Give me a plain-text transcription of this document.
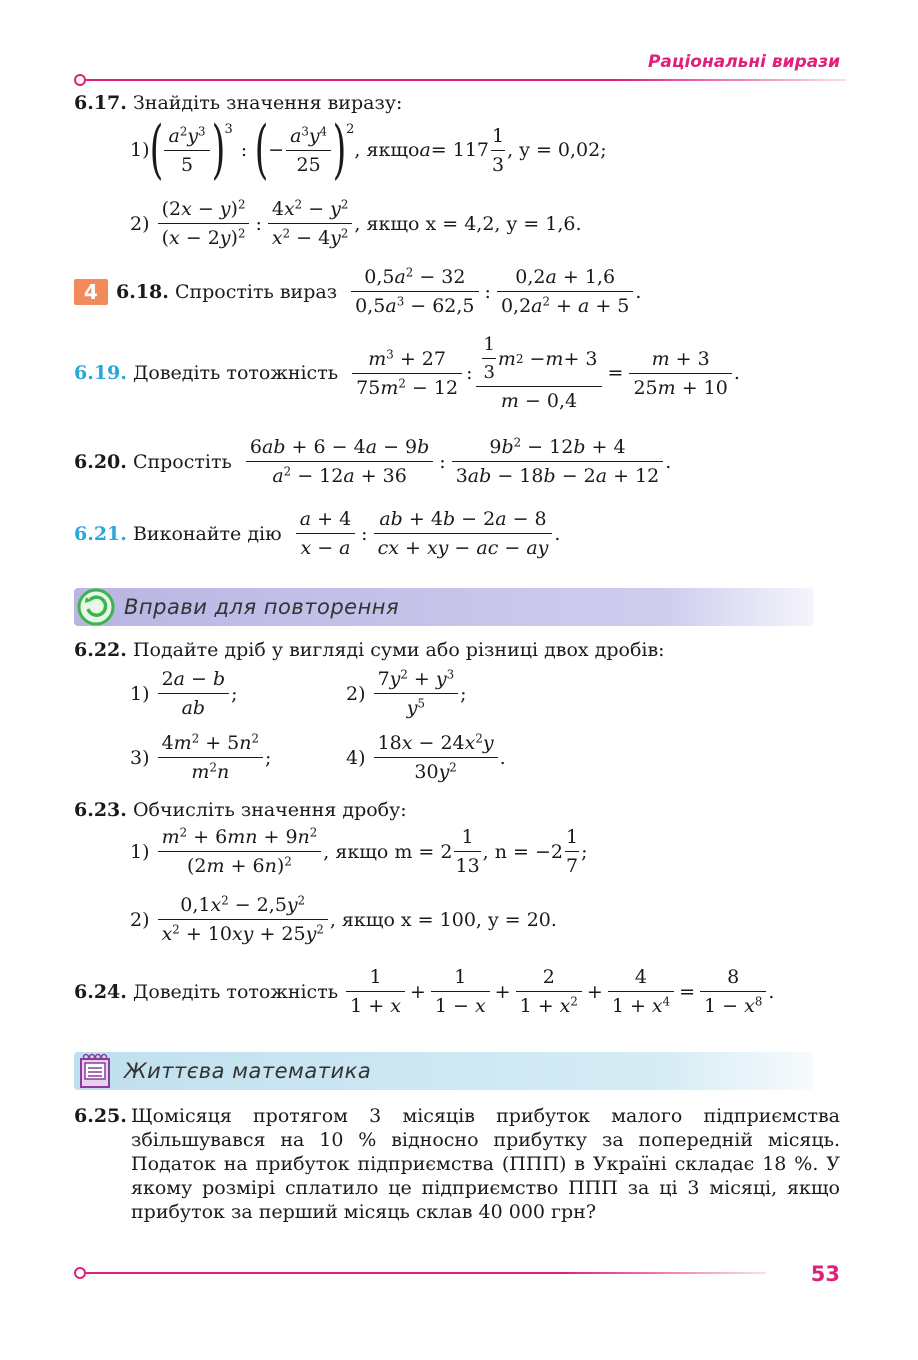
Раціональні вирази
6.17.
Знайдіть значення виразу:
1) ( $\frac{a^2y^3}{5}$ ) 3
: ( − $\frac{a^3y^4}{25}$ ) 2
, якщо $a = 117 \frac{1}{3}$ , y = 0,02;
2)
$\frac{(2x - y)^2}{(x - 2y)^2}$ : $\frac{4x^2 - y^2}{x^2 - 4y^2}$ , якщо x = 4,2, y = 1,6.
4 6.18.
Спростіть вираз
$\frac{0,5a^2 - 32}{0,5a^3 - 62,5}$ : $\frac{0,2a + 1,6}{0,2a^2 + a + 5}$ .
6.19.
Доведіть тотожність
$\frac{m^3 + 27}{75m^2 - 12}$ : $\frac{\frac{1}{3} m 2 - m + 3}{m - 0,4} = \frac{m + 3}{25m + 10}$ .
6.20.
Спростіть
$\frac{6ab + 6 - 4a - 9b}{a^2 - 12a + 36}$ : $\frac{9b^2 - 12b + 4}{3ab - 18b - 2a + 12}$ .
6.21.
Виконайте дію
$\frac{a + 4}{x - a}$ : $\frac{ab + 4b - 2a - 8}{cx + xy - ac - ay}$ .
Вправи для повторення
6.22.
Подайте дріб у вигляді суми або різниці двох дробів:
1)
$\frac{2a - b}{ab}$ ;	2)
$\frac{7y^2 + y^3}{y^5}$ ;
3)
$\frac{4m^2 + 5n^2}{m^2n}$ ;	4)
$\frac{18x - 24x^2y}{30y^2}$ .
6.23.
Обчисліть значення дробу:
1)
$\frac{m^2 + 6mn + 9n^2}{(2m + 6n)^2}$ , якщо $m = 2 \frac{1}{13}$ , $n = -2 \frac{1}{7}$ ;
2)
$\frac{0,1x^2 - 2,5y^2}{x^2 + 10xy + 25y^2}$ , якщо x = 100, y = 20.
6.24.
Доведіть тотожність
$\frac{1}{1 + x} + \frac{1}{1 - x} + \frac{2}{1 + x^2} + \frac{4}{1 + x^4} = \frac{8}{1 - x^8}$ .
Життєва математика
6.25. Щомісяця протягом 3 місяців прибуток малого підприємства збільшувався на 10 % відносно прибутку за попередній місяць. Податок на прибуток підприємства (ППП) в Україні складає 18 %. У якому розмірі сплатило це підприємство ППП за ці 3 місяці, якщо прибуток за перший місяць склав 40 000 грн?
53
